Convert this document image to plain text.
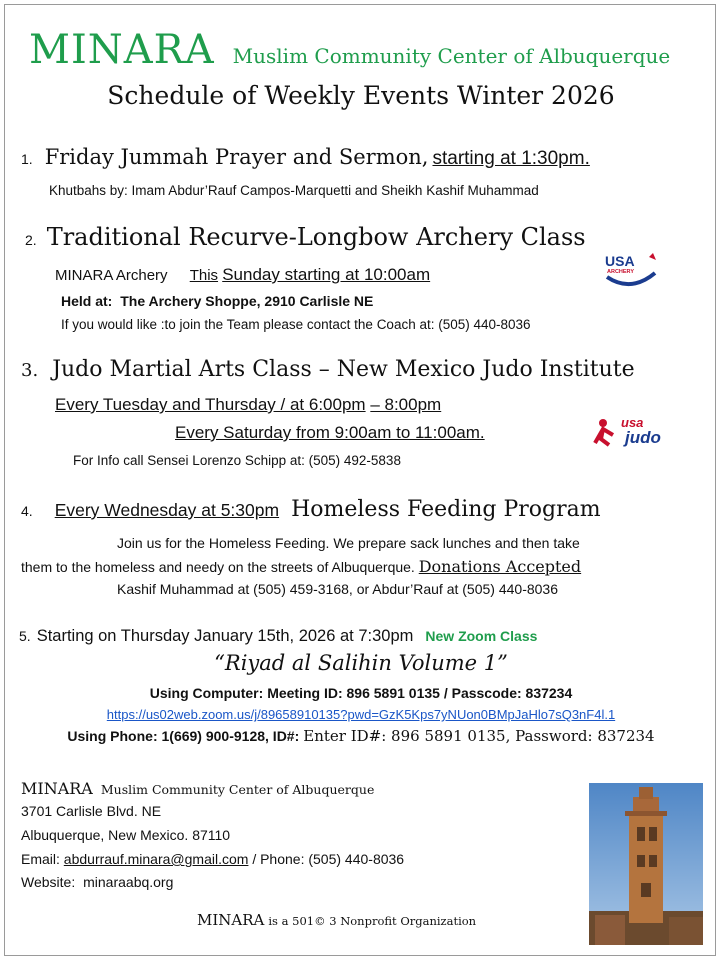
MINARA Muslim Community Center of Albuquerque
Schedule of Weekly Events Winter 2026
1. Friday Jummah Prayer and Sermon, starting at 1:30pm.
Khutbahs by: Imam Abdur’Rauf Campos-Marquetti and Sheikh Kashif Muhammad
2. Traditional Recurve-Longbow Archery Class
MINARA Archery This Sunday starting at 10:00am
Held at: The Archery Shoppe, 2910 Carlisle NE
If you would like :to join the Team please contact the Coach at: (505) 440-8036
USA
ARCHERY
3. Judo Martial Arts Class – New Mexico Judo Institute
Every Tuesday and Thursday / at 6:00pm – 8:00pm
Every Saturday from 9:00am to 11:00am.
For Info call Sensei Lorenzo Schipp at: (505) 492-5838
usa
judo
4. Every Wednesday at 5:30pm Homeless Feeding Program
Join us for the Homeless Feeding. We prepare sack lunches and then take
them to the homeless and needy on the streets of Albuquerque. Donations Accepted
Kashif Muhammad at (505) 459-3168, or Abdur’Rauf at (505) 440-8036
5. Starting on Thursday January 15th, 2026 at 7:30pm New Zoom Class
“Riyad al Salihin Volume 1”
Using Computer: Meeting ID: 896 5891 0135 / Passcode: 837234
https://us02web.zoom.us/j/89658910135?pwd=GzK5Kps7yNUon0BMpJaHlo7sQ3nF4l.1
Using Phone: 1(669) 900-9128, ID#: Enter ID#: 896 5891 0135, Password: 837234
MINARA Muslim Community Center of Albuquerque
3701 Carlisle Blvd. NE
Albuquerque, New Mexico. 87110
Email: abdurrauf.minara@gmail.com / Phone: (505) 440-8036
Website: minaraabq.org
MINARA is a 501© 3 Nonprofit Organization
